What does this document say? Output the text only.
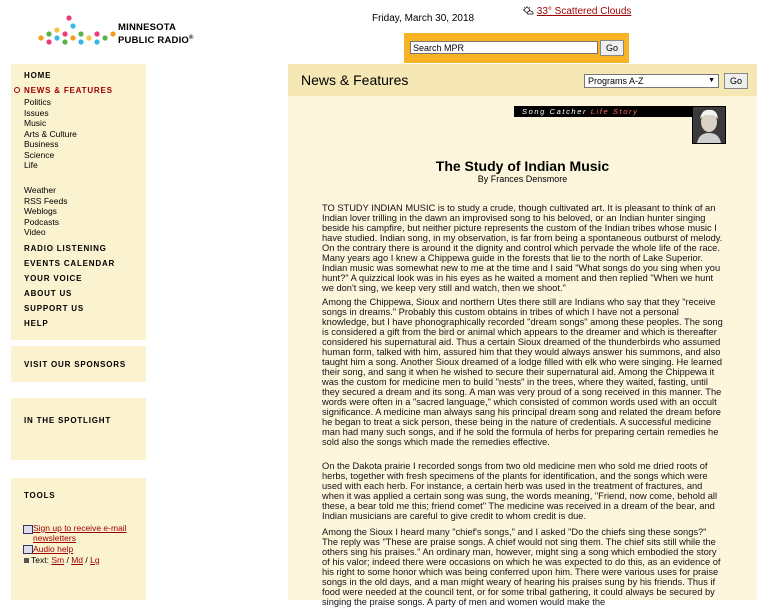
MINNESOTA
PUBLIC RADIO®
Friday, March 30, 2018
33° Scattered Clouds
Search MPR
Go
HOME
NEWS & FEATURES
Politics
Issues
Music
Arts & Culture
Business
Science
Life
Weather
RSS Feeds
Weblogs
Podcasts
Video
RADIO LISTENING
EVENTS CALENDAR
YOUR VOICE
ABOUT US
SUPPORT US
HELP
VISIT OUR SPONSORS
IN THE SPOTLIGHT
TOOLS
Sign up to receive e-mail
newsletters
Audio help
Text: Sm / Md / Lg
News & Features	Programs A-Z	▼	Go
Song Catcher Life Story
The Study of Indian Music
By Frances Densmore
TO STUDY INDIAN MUSIC is to study a crude, though cultivated art. It is pleasant to think of an Indian lover trilling in the dawn an improvised song to his beloved, or an Indian hunter singing beside his campfire, but neither picture represents the custom of the Indian tribes whose music I have studied. Indian song, in my observation, is far from being a spontaneous outburst of melody. On the contrary there is around it the dignity and control which pervade the whole life of the race. Many years ago I knew a Chippewa guide in the forests that lie to the north of Lake Superior. Indian music was somewhat new to me at the time and I said "What songs do you sing when you hunt?" A quizzical look was in his eyes as he waited a moment and then replied "When we hunt we don't sing, we keep very still and watch, then we shoot."
Among the Chippewa, Sioux and northern Utes there still are Indians who say that they "receive songs in dreams." Probably this custom obtains in tribes of which I have not a personal knowledge, but I have phonographically recorded "dream songs" among these peoples. The song is considered a gift from the bird or animal which appears to the dreamer and which is thereafter considered his supernatural aid. Thus a certain Sioux dreamed of the thunderbirds who assumed human form, talked with him, assured him that they would always answer his summons, and also taught him a song. Another Sioux dreamed of a lodge filled with elk who were singing. He learned their song, and sang it when he wished to secure their supernatural aid. Among the Chippewa it was the custom for medicine men to build "nests" in the trees, where they waited, fasting, until they secured a dream and its song. A man was very proud of a song received in this manner. The words were often in a "sacred language," which consisted of common words used with an occult significance. A medicine man always sang his principal dream song and related the dream before he began to treat a sick person, these being in the nature of credentials. A successful medicine man had many such songs, and if he sold the formula of herbs for preparing certain remedies he sold also the songs which made the remedies effective.
On the Dakota prairie I recorded songs from two old medicine men who sold me dried roots of herbs, together with fresh specimens of the plants for identification, and the songs which were used with each herb. For instance, a certain herb was used in the treatment of fractures, and when it was applied a certain song was sung, the words meaning, "Friend, now come, behold all these, a bear told me this; friend comet" The medicine was received in a dream of the bear, and Indian musicians are careful to give credit to whom credit is due.
Among the Sioux I heard many "chief's songs," and I asked "Do the chiefs sing these songs?" The reply was "These are praise songs. A chief would not sing them. The chief sits still while the others sing his praises." An ordinary man, however, might sing a song which embodied the story of his valor; indeed there were occasions on which he was expected to do this, as an evidence of his right to some honor which was being conferred upon him. There were various uses for praise songs in the old days, and a man might weary of hearing his praises sung by his friends. Thus if food were needed at the council tent, or for some tribal gathering, it could always be secured by singing the praise songs. A party of men and women would make the
